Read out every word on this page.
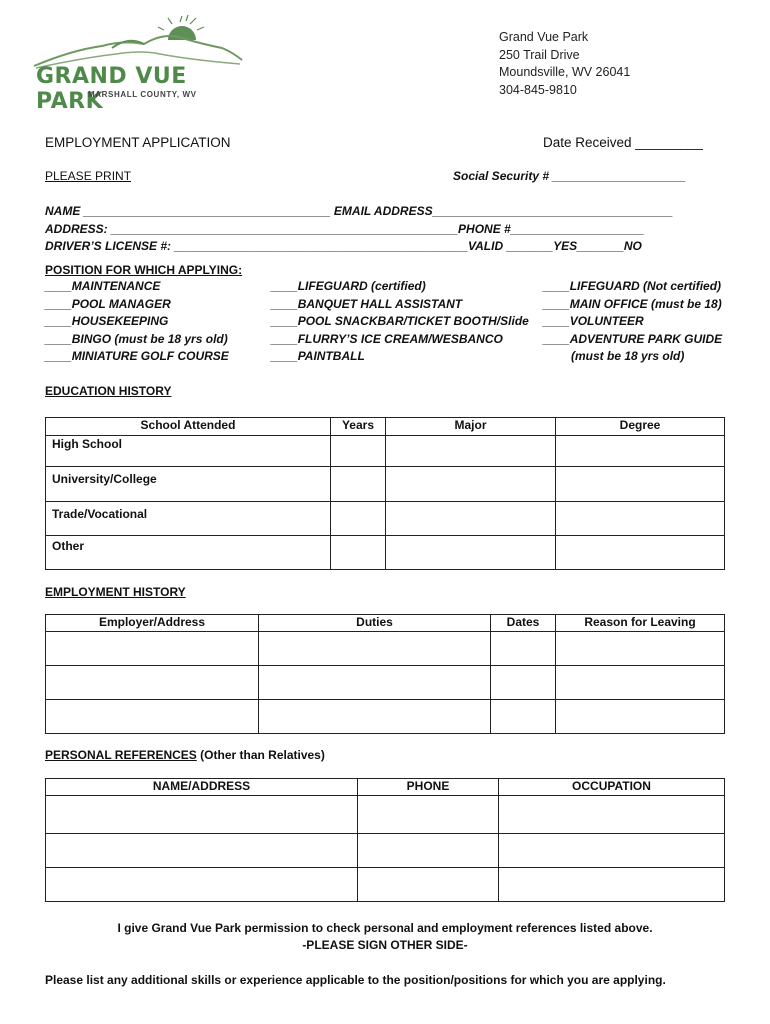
GRAND VUE PARK
MARSHALL COUNTY, WV
Grand Vue Park
250 Trail Drive
Moundsville, WV 26041
304-845-9810
EMPLOYMENT APPLICATION	Date Received _________
PLEASE PRINT	Social Security # ____________________
NAME _____________________________________ EMAIL ADDRESS____________________________________
ADDRESS: ____________________________________________________PHONE #____________________
DRIVER’S LICENSE #: ____________________________________________VALID _______YES_______NO
POSITION FOR WHICH APPLYING:
____MAINTENANCE
____POOL MANAGER
____HOUSEKEEPING
____BINGO (must be 18 yrs old)
____MINIATURE GOLF COURSE
____LIFEGUARD (certified)
____BANQUET HALL ASSISTANT
____POOL SNACKBAR/TICKET BOOTH/Slide
____FLURRY’S ICE CREAM/WESBANCO
____PAINTBALL
____LIFEGUARD (Not certified)
____MAIN OFFICE (must be 18)
____VOLUNTEER
____ADVENTURE PARK GUIDE
(must be 18 yrs old)
EDUCATION HISTORY
School Attended	Years	Major	Degree
High School			
University/College			
Trade/Vocational			
Other			
EMPLOYMENT HISTORY
Employer/Address	Duties	Dates	Reason for Leaving

PERSONAL REFERENCES (Other than Relatives)
NAME/ADDRESS	PHONE	OCCUPATION

I give Grand Vue Park permission to check personal and employment references listed above.
-PLEASE SIGN OTHER SIDE-
Please list any additional skills or experience applicable to the position/positions for which you are applying.
